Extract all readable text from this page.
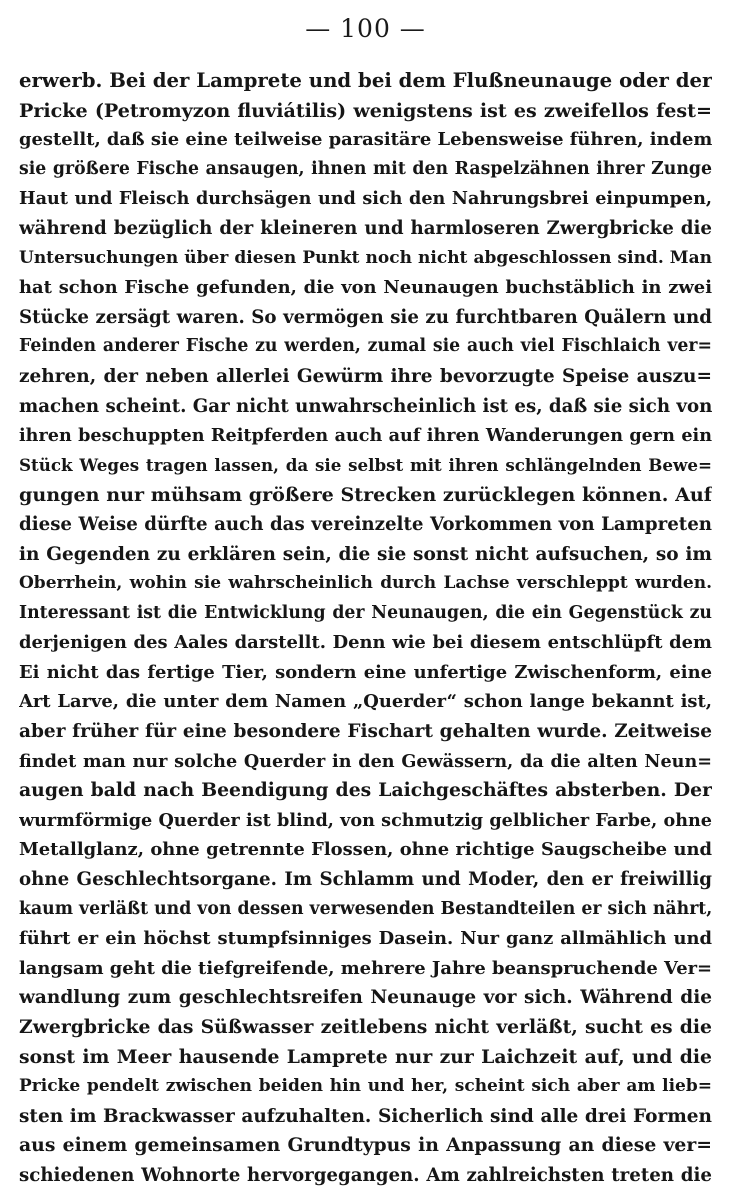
— 100 —
erwerb. Bei der Lamprete und bei dem Flußneunauge oder der
Pricke (Petromyzon fluviátilis) wenigstens ist es zweifellos fest=
gestellt, daß sie eine teilweise parasitäre Lebensweise führen, indem
sie größere Fische ansaugen, ihnen mit den Raspelzähnen ihrer Zunge
Haut und Fleisch durchsägen und sich den Nahrungsbrei einpumpen,
während bezüglich der kleineren und harmloseren Zwergbricke die
Untersuchungen über diesen Punkt noch nicht abgeschlossen sind. Man
hat schon Fische gefunden, die von Neunaugen buchstäblich in zwei
Stücke zersägt waren. So vermögen sie zu furchtbaren Quälern und
Feinden anderer Fische zu werden, zumal sie auch viel Fischlaich ver=
zehren, der neben allerlei Gewürm ihre bevorzugte Speise auszu=
machen scheint. Gar nicht unwahrscheinlich ist es, daß sie sich von
ihren beschuppten Reitpferden auch auf ihren Wanderungen gern ein
Stück Weges tragen lassen, da sie selbst mit ihren schlängelnden Bewe=
gungen nur mühsam größere Strecken zurücklegen können. Auf
diese Weise dürfte auch das vereinzelte Vorkommen von Lampreten
in Gegenden zu erklären sein, die sie sonst nicht aufsuchen, so im
Oberrhein, wohin sie wahrscheinlich durch Lachse verschleppt wurden.
Interessant ist die Entwicklung der Neunaugen, die ein Gegenstück zu
derjenigen des Aales darstellt. Denn wie bei diesem entschlüpft dem
Ei nicht das fertige Tier, sondern eine unfertige Zwischenform, eine
Art Larve, die unter dem Namen „Querder“ schon lange bekannt ist,
aber früher für eine besondere Fischart gehalten wurde. Zeitweise
findet man nur solche Querder in den Gewässern, da die alten Neun=
augen bald nach Beendigung des Laichgeschäftes absterben. Der
wurmförmige Querder ist blind, von schmutzig gelblicher Farbe, ohne
Metallglanz, ohne getrennte Flossen, ohne richtige Saugscheibe und
ohne Geschlechtsorgane. Im Schlamm und Moder, den er freiwillig
kaum verläßt und von dessen verwesenden Bestandteilen er sich nährt,
führt er ein höchst stumpfsinniges Dasein. Nur ganz allmählich und
langsam geht die tiefgreifende, mehrere Jahre beanspruchende Ver=
wandlung zum geschlechtsreifen Neunauge vor sich. Während die
Zwergbricke das Süßwasser zeitlebens nicht verläßt, sucht es die
sonst im Meer hausende Lamprete nur zur Laichzeit auf, und die
Pricke pendelt zwischen beiden hin und her, scheint sich aber am lieb=
sten im Brackwasser aufzuhalten. Sicherlich sind alle drei Formen
aus einem gemeinsamen Grundtypus in Anpassung an diese ver=
schiedenen Wohnorte hervorgegangen. Am zahlreichsten treten die
